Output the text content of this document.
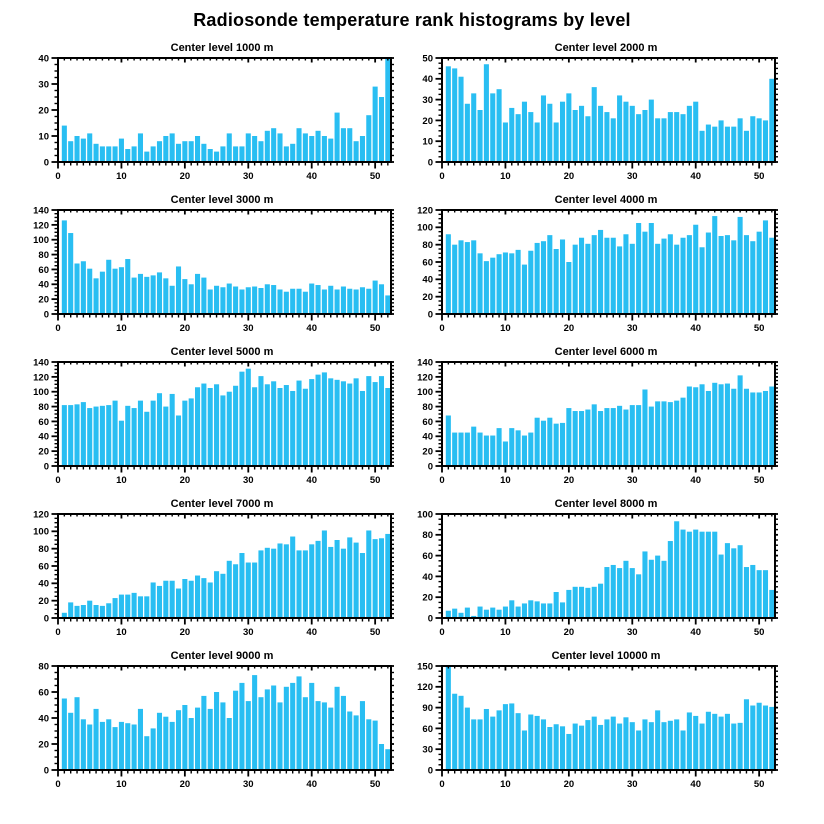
Radiosonde temperature rank histograms by level
Center level 1000 m
0	10	20	30	40	50
0
10
20
30
40
Center level 2000 m
0	10	20	30	40	50
0
10
20
30
40
50
Center level 3000 m
0	10	20	30	40	50
0
20
40
60
80
100
120
140
Center level 4000 m
0	10	20	30	40	50
0
20
40
60
80
100
120
Center level 5000 m
0	10	20	30	40	50
0
20
40
60
80
100
120
140
Center level 6000 m
0	10	20	30	40	50
0
20
40
60
80
100
120
140
Center level 7000 m
0	10	20	30	40	50
0
20
40
60
80
100
120
Center level 8000 m
0	10	20	30	40	50
0
20
40
60
80
100
Center level 9000 m
0	10	20	30	40	50
0
20
40
60
80
Center level 10000 m
0	10	20	30	40	50
0
30
60
90
120
150
